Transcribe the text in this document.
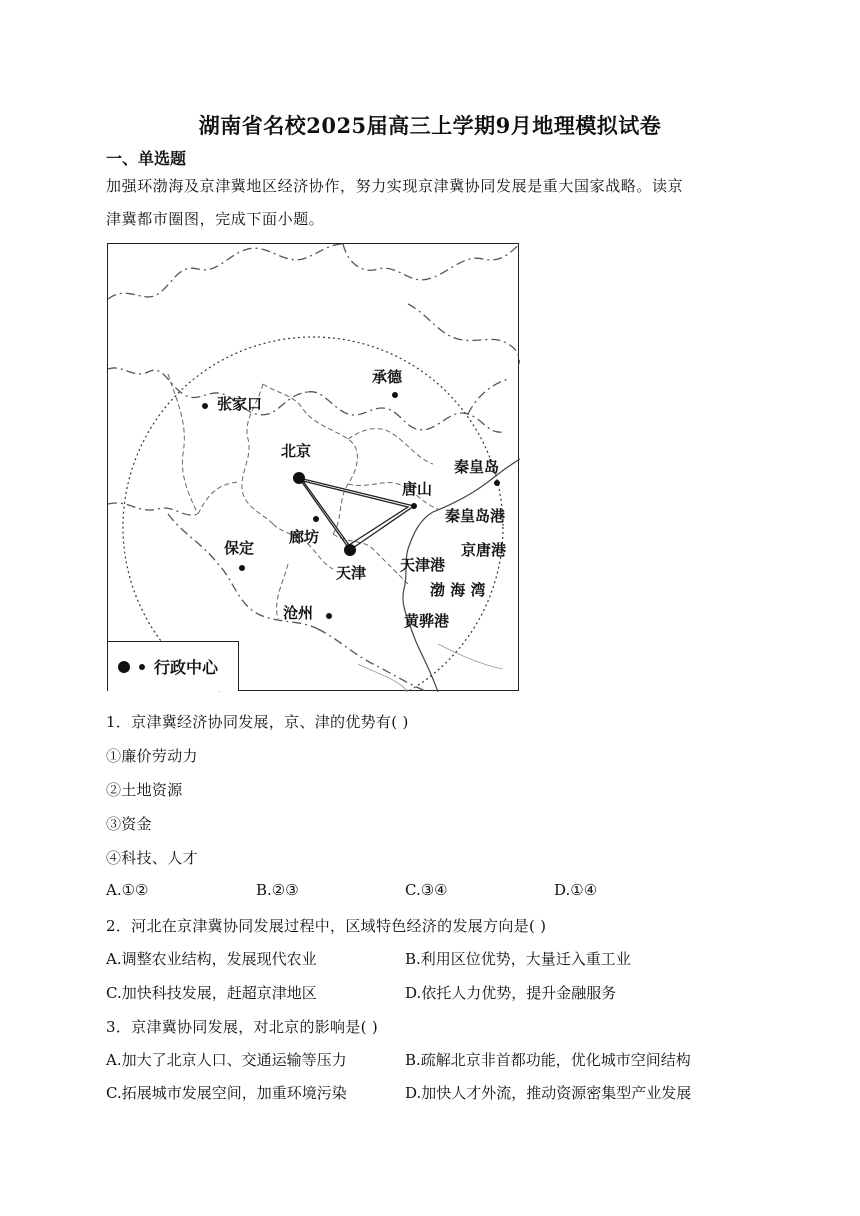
湖南省名校2025届高三上学期9月地理模拟试卷
一、单选题
加强环渤海及京津冀地区经济协作，努力实现京津冀协同发展是重大国家战略。读京
津冀都市圈图，完成下面小题。
承德
张家口
北京
秦皇岛
唐山
秦皇岛港
廊坊
保定	京唐港
天津 天津港
渤 海 湾
沧州	黄骅港
行政中心
1．京津冀经济协同发展，京、津的优势有( )
①廉价劳动力
②土地资源
③资金
④科技、人才
A.①②	B.②③	C.③④	D.①④
2．河北在京津冀协同发展过程中，区域特色经济的发展方向是( )
A.调整农业结构，发展现代农业	B.利用区位优势，大量迁入重工业
C.加快科技发展，赶超京津地区	D.依托人力优势，提升金融服务
3．京津冀协同发展，对北京的影响是( )
A.加大了北京人口、交通运输等压力	B.疏解北京非首都功能，优化城市空间结构
C.拓展城市发展空间，加重环境污染	D.加快人才外流，推动资源密集型产业发展
